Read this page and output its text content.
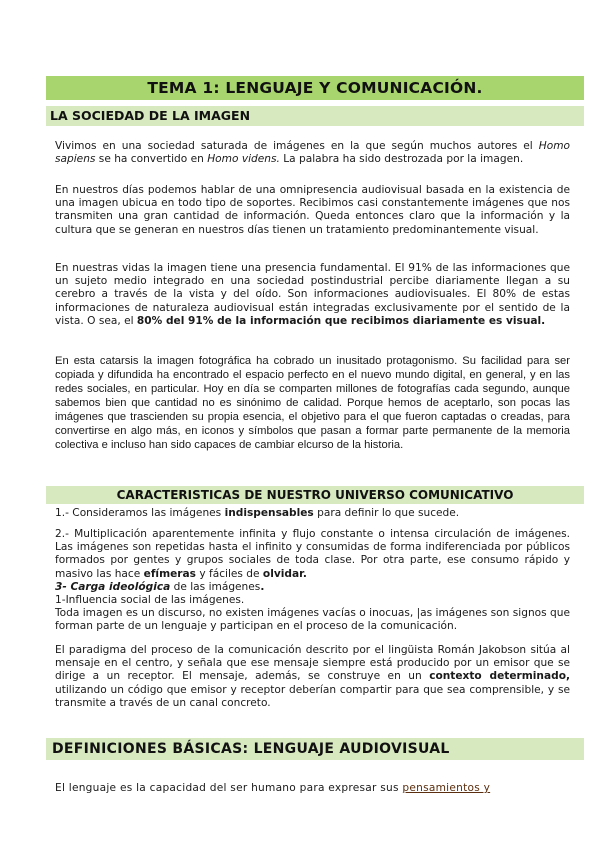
TEMA 1: LENGUAJE Y COMUNICACIÓN.
LA SOCIEDAD DE LA IMAGEN

Vivimos en una sociedad saturada de imágenes en la que según muchos autores el Homo sapiens se ha convertido en Homo videns. La palabra ha sido destrozada por la imagen.

En nuestros días podemos hablar de una omnipresencia audiovisual basada en la existencia de una imagen ubicua en todo tipo de soportes. Recibimos casi constantemente imágenes que nos transmiten una gran cantidad de información. Queda entonces claro que la información y la cultura que se generan en nuestros días tienen un tratamiento predominantemente visual.

En nuestras vidas la imagen tiene una presencia fundamental. El 91% de las informaciones que un sujeto medio integrado en una sociedad postindustrial percibe diariamente llegan a su cerebro a través de la vista y del oído. Son informaciones audiovisuales. El 80% de estas informaciones de naturaleza audiovisual están integradas exclusivamente por el sentido de la vista. O sea, el 80% del 91% de la información que recibimos diariamente es visual.

En esta catarsis la imagen fotográfica ha cobrado un inusitado protagonismo. Su facilidad para ser copiada y difundida ha encontrado el espacio perfecto en el nuevo mundo digital, en general, y en las redes sociales, en particular. Hoy en día se comparten millones de fotografías cada segundo, aunque sabemos bien que cantidad no es sinónimo de calidad. Porque hemos de aceptarlo, son pocas las imágenes que trascienden su propia esencia, el objetivo para el que fueron captadas o creadas, para convertirse en algo más, en iconos y símbolos que pasan a formar parte permanente de la memoria colectiva e incluso han sido capaces de cambiar elcurso de la historia.

CARACTERISTICAS DE NUESTRO UNIVERSO COMUNICATIVO

1.- Consideramos las imágenes indispensables para definir lo que sucede.

2.- Multiplicación aparentemente infinita y flujo constante o intensa circulación de imágenes. Las imágenes son repetidas hasta el infinito y consumidas de forma indiferenciada por públicos formados por gentes y grupos sociales de toda clase. Por otra parte, ese consumo rápido y masivo las hace efímeras y fáciles de olvidar.
3- Carga ideológica de las imágenes.
1-Influencia social de las imágenes.
Toda imagen es un discurso, no existen imágenes vacías o inocuas, |as imágenes son signos que forman parte de un lenguaje y participan en el proceso de la comunicación.

El paradigma del proceso de la comunicación descrito por el lingüista Román Jakobson sitúa al mensaje en el centro, y señala que ese mensaje siempre está producido por un emisor que se dirige a un receptor. El mensaje, además, se construye en un contexto determinado, utilizando un código que emisor y receptor deberían compartir para que sea comprensible, y se transmite a través de un canal concreto.

DEFINICIONES BÁSICAS: LENGUAJE AUDIOVISUAL

El lenguaje es la capacidad del ser humano para expresar sus pensamientos y
